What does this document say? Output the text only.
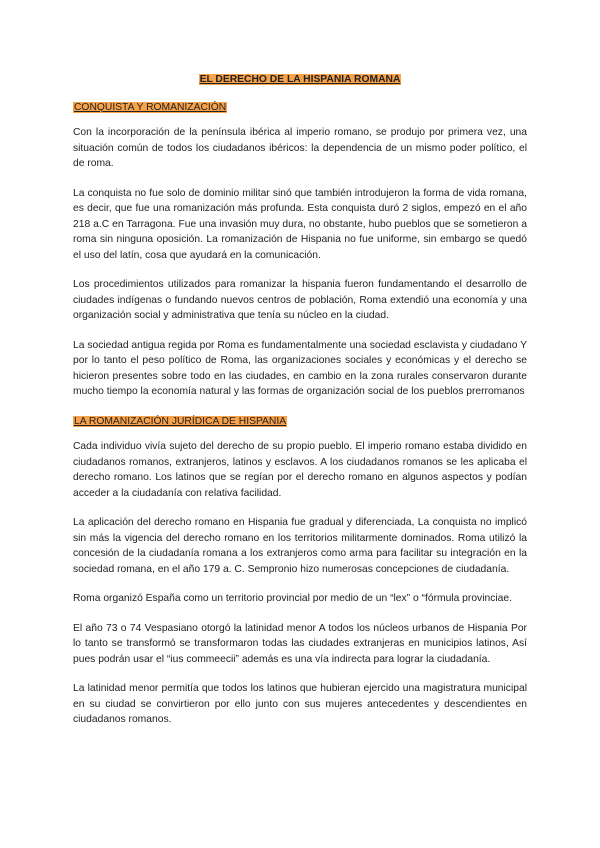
EL DERECHO DE LA HISPANIA ROMANA
CONQUISTA Y ROMANIZACIÓN

Con la incorporación de la península ibérica al imperio romano, se produjo por primera vez, una situación común de todos los ciudadanos ibéricos: la dependencia de un mismo poder político, el de roma.

La conquista no fue solo de dominio militar sinó que también introdujeron la forma de vida romana, es decir, que fue una romanización más profunda. Esta conquista duró 2 siglos, empezó en el año 218 a.C en Tarragona. Fue una invasión muy dura, no obstante, hubo pueblos que se sometieron a roma sin ninguna oposición. La romanización de Hispania no fue uniforme, sin embargo se quedó el uso del latín, cosa que ayudará en la comunicación.

Los procedimientos utilizados para romanizar la hispania fueron fundamentando el desarrollo de ciudades indígenas o fundando nuevos centros de población, Roma extendió una economía y una organización social y administrativa que tenía su núcleo en la ciudad.

La sociedad antigua regida por Roma es fundamentalmente una sociedad esclavista y ciudadano Y por lo tanto el peso político de Roma, las organizaciones sociales y económicas y el derecho se hicieron presentes sobre todo en las ciudades, en cambio en la zona rurales conservaron durante mucho tiempo la economía natural y las formas de organización social de los pueblos prerromanos

LA ROMANIZACIÓN JURÍDICA DE HISPANIA

Cada individuo vivía sujeto del derecho de su propio pueblo. El imperio romano estaba dividido en ciudadanos romanos, extranjeros, latinos y esclavos. A los ciudadanos romanos se les aplicaba el derecho romano. Los latinos que se regían por el derecho romano en algunos aspectos y podían acceder a la ciudadanía con relativa facilidad.

La aplicación del derecho romano en Hispania fue gradual y diferenciada, La conquista no implicó sin más la vigencia del derecho romano en los territorios militarmente dominados. Roma utilizó la concesión de la ciudadanía romana a los extranjeros como arma para facilitar su integración en la sociedad romana, en el año 179 a. C. Sempronio hizo numerosas concepciones de ciudadanía.

Roma organizó España como un territorio provincial por medio de un “lex” o “fórmula provinciae.

El año 73 o 74 Vespasiano otorgó la latinidad menor A todos los núcleos urbanos de Hispania Por lo tanto se transformó se transformaron todas las ciudades extranjeras en municipios latinos, Así pues podrán usar el “ius commeecii” además es una vía indirecta para lograr la ciudadanía.

La latinidad menor permitía que todos los latinos que hubieran ejercido una magistratura municipal en su ciudad se convirtieron por ello junto con sus mujeres antecedentes y descendientes en ciudadanos romanos.
